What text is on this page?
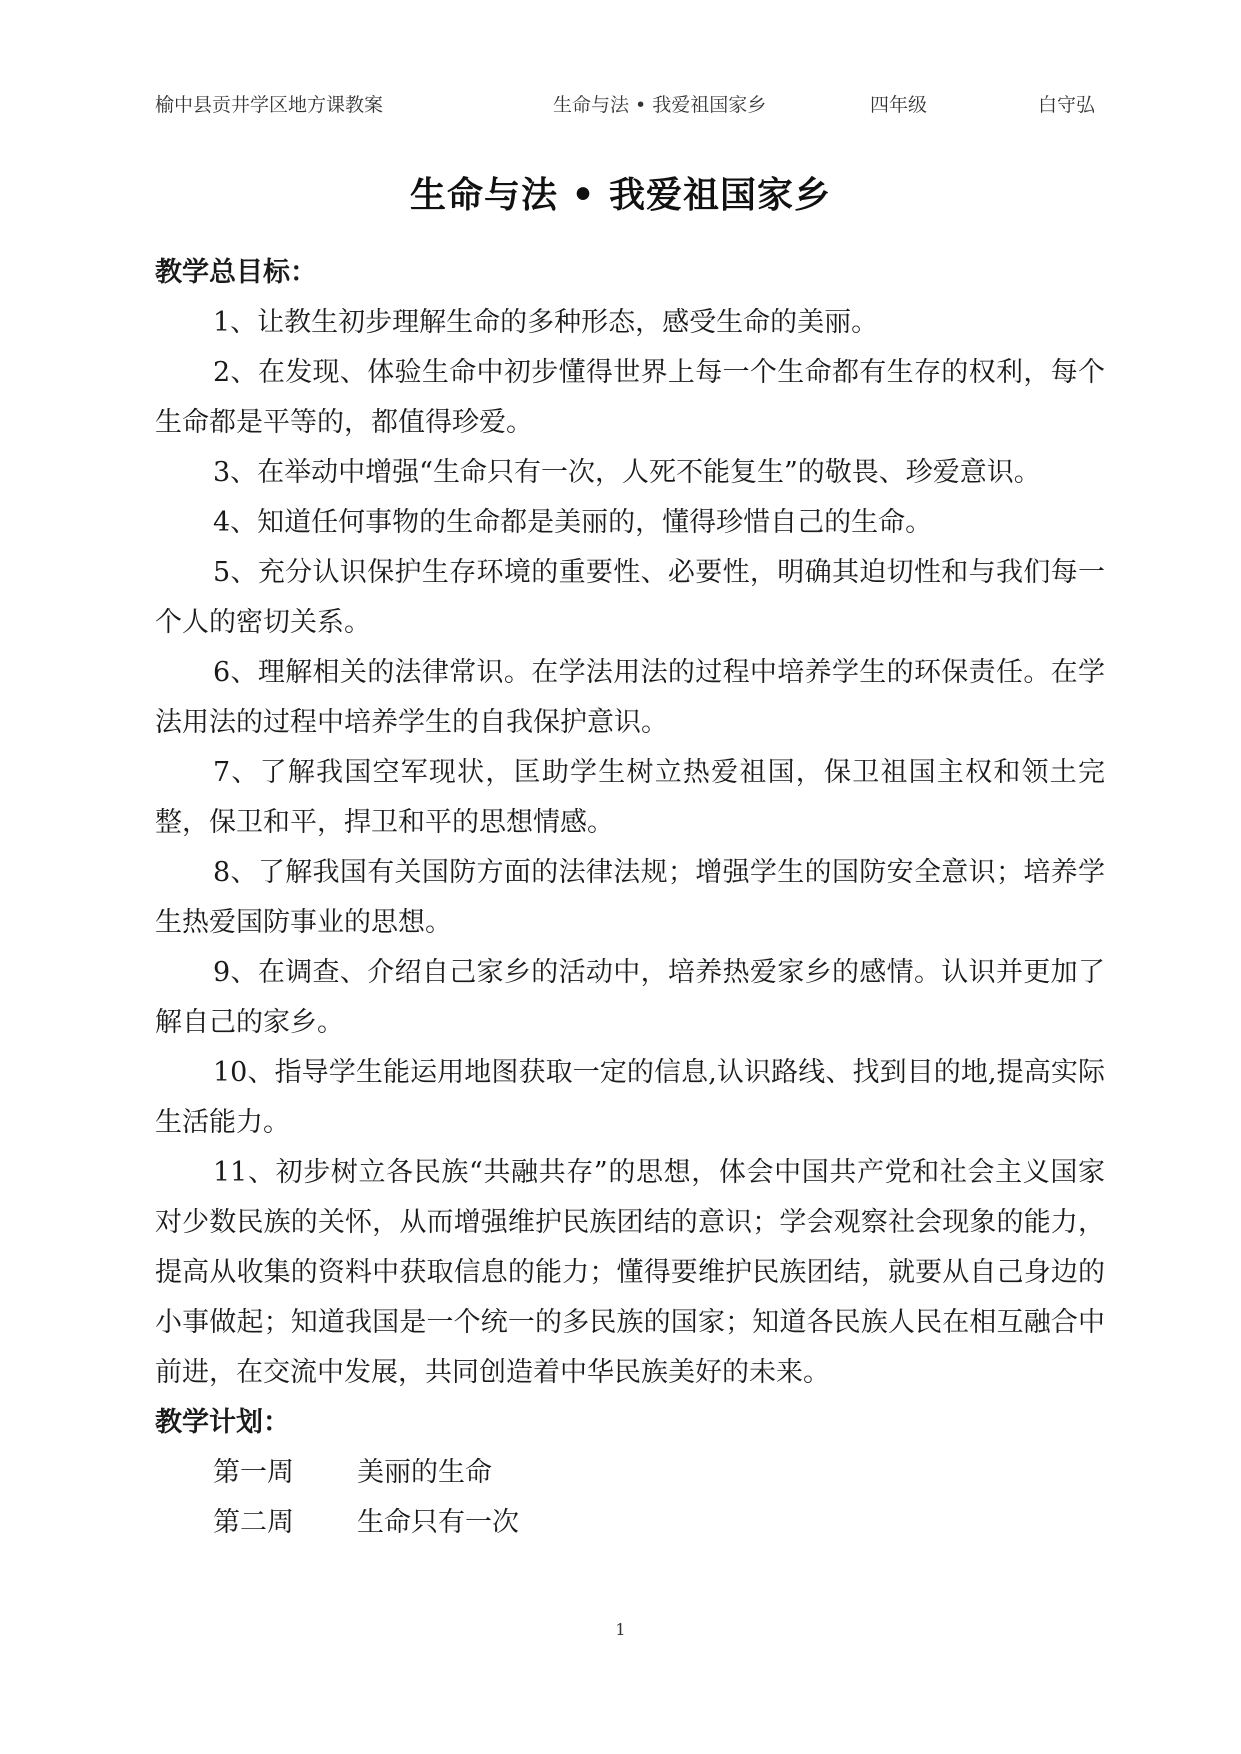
榆中县贡井学区地方课教案	生命与法 • 我爱祖国家乡	四年级	白守弘
生命与法 • 我爱祖国家乡
教学总目标：

1、让教生初步理解生命的多种形态，感受生命的美丽。

2、在发现、体验生命中初步懂得世界上每一个生命都有生存的权利，每个生命都是平等的，都值得珍爱。

3、在举动中增强“生命只有一次，人死不能复生”的敬畏、珍爱意识。

4、知道任何事物的生命都是美丽的，懂得珍惜自己的生命。

5、充分认识保护生存环境的重要性、必要性，明确其迫切性和与我们每一个人的密切关系。

6、理解相关的法律常识。在学法用法的过程中培养学生的环保责任。在学法用法的过程中培养学生的自我保护意识。

7、了解我国空军现状，匡助学生树立热爱祖国，保卫祖国主权和领土完整，保卫和平，捍卫和平的思想情感。

8、了解我国有关国防方面的法律法规；增强学生的国防安全意识；培养学生热爱国防事业的思想。

9、在调查、介绍自己家乡的活动中，培养热爱家乡的感情。认识并更加了解自己的家乡。

10、指导学生能运用地图获取一定的信息,认识路线、找到目的地,提高实际生活能力。

11、初步树立各民族“共融共存”的思想，体会中国共产党和社会主义国家对少数民族的关怀，从而增强维护民族团结的意识；学会观察社会现象的能力，提高从收集的资料中获取信息的能力；懂得要维护民族团结，就要从自己身边的小事做起；知道我国是一个统一的多民族的国家；知道各民族人民在相互融合中前进，在交流中发展，共同创造着中华民族美好的未来。

教学计划：
第一周 美丽的生命
第二周 生命只有一次
1
